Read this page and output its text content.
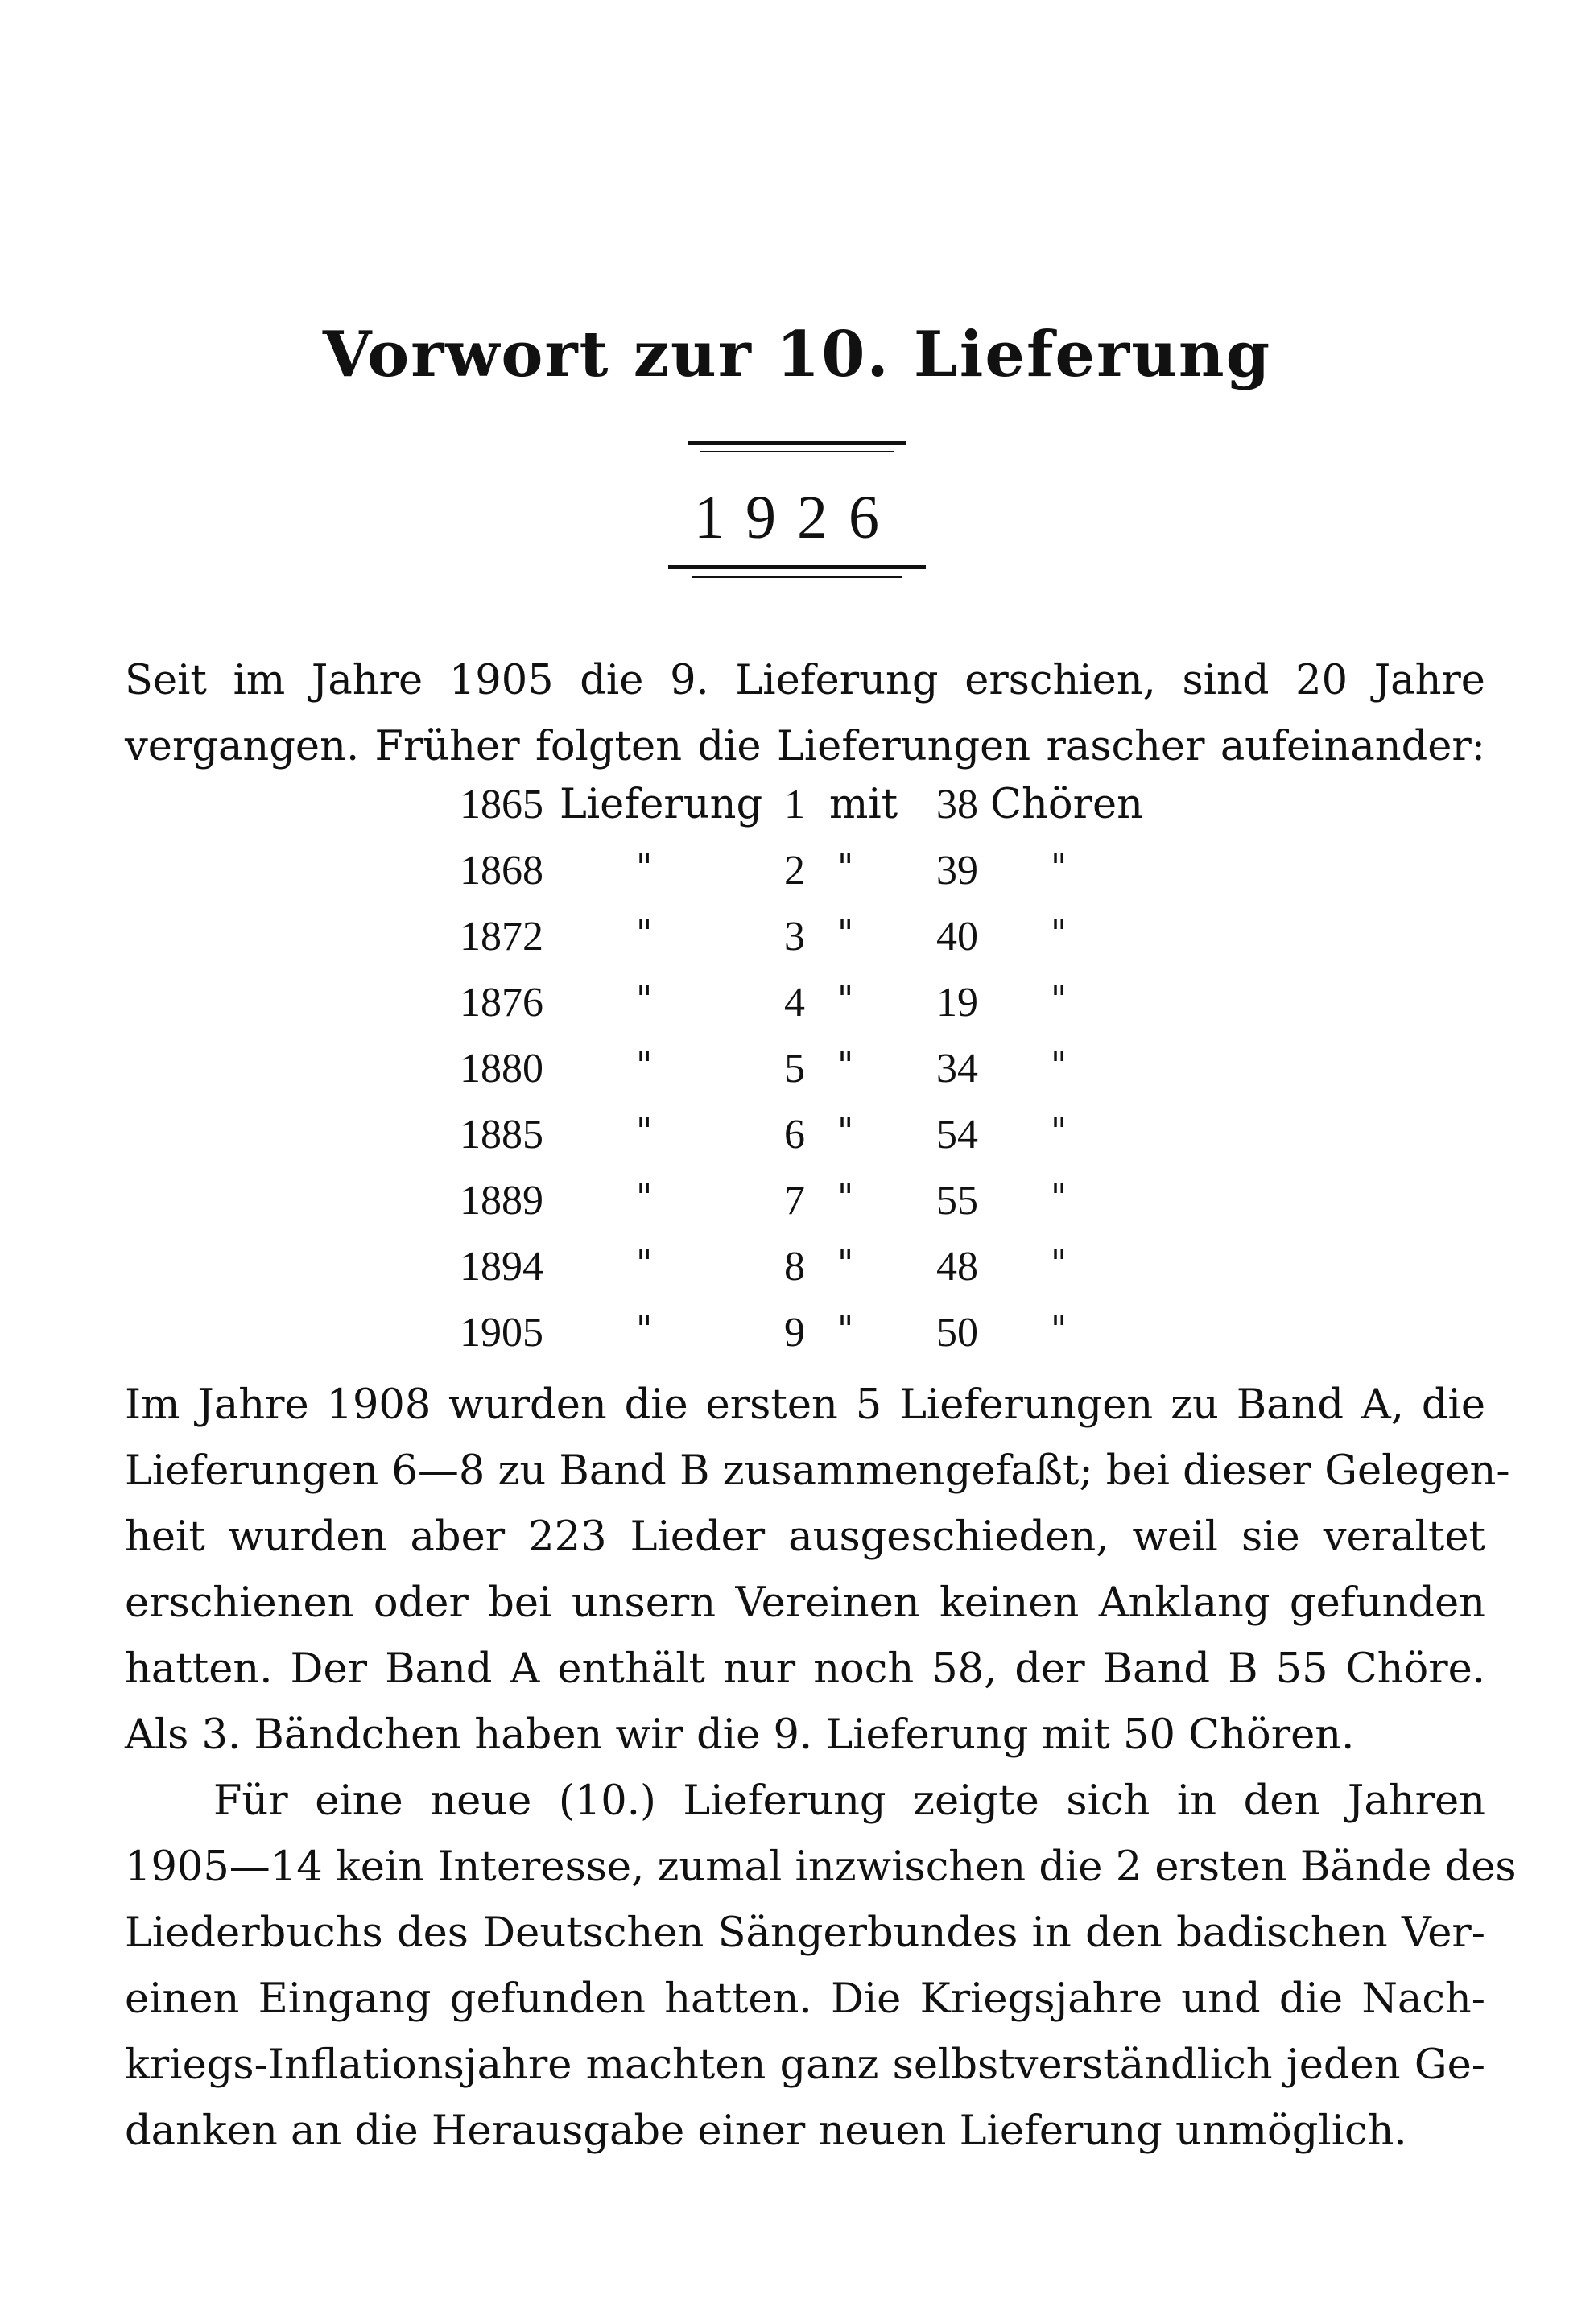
Vorwort zur 10. Lieferung
1926
Seit im Jahre 1905 die 9. Lieferung erschien, sind 20 Jahre
vergangen. Früher folgten die Lieferungen rascher aufeinander:
1865 Lieferung 1 mit 38 Chören
1868	"	2 "	39 "
1872	"	3 "	40 "
1876	"	4 "	19 "
1880	"	5 "	34 "
1885	"	6 "	54 "
1889	"	7 "	55 "
1894	"	8 "	48 "
1905	"	9 "	50 "
Im Jahre 1908 wurden die ersten 5 Lieferungen zu Band A, die
Lieferungen 6—8 zu Band B zusammengefaßt; bei dieser Gelegen-
heit wurden aber 223 Lieder ausgeschieden, weil sie veraltet
erschienen oder bei unsern Vereinen keinen Anklang gefunden
hatten. Der Band A enthält nur noch 58, der Band B 55 Chöre.
Als 3. Bändchen haben wir die 9. Lieferung mit 50 Chören.
Für eine neue (10.) Lieferung zeigte sich in den Jahren
1905—14 kein Interesse, zumal inzwischen die 2 ersten Bände des
Liederbuchs des Deutschen Sängerbundes in den badischen Ver-
einen Eingang gefunden hatten. Die Kriegsjahre und die Nach-
kriegs-Inflationsjahre machten ganz selbstverständlich jeden Ge-
danken an die Herausgabe einer neuen Lieferung unmöglich.
